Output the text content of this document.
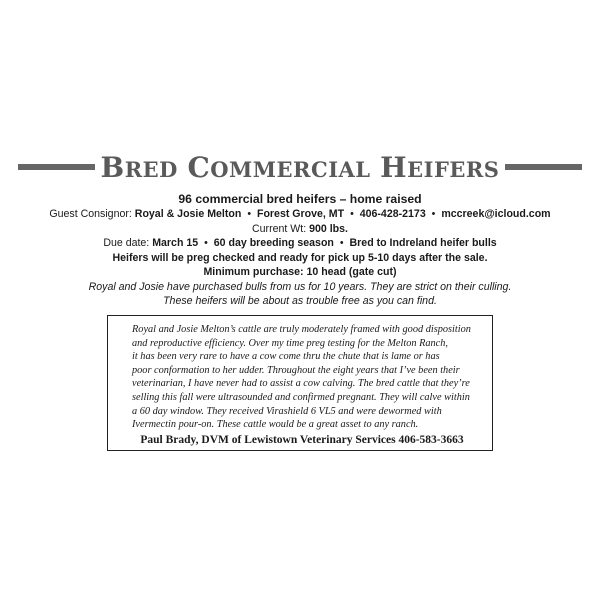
BRED COMMERCIAL HEIFERS
96 commercial bred heifers – home raised
Guest Consignor: Royal & Josie Melton • Forest Grove, MT • 406-428-2173 • mccreek@icloud.com
Current Wt: 900 lbs.
Due date: March 15 • 60 day breeding season • Bred to Indreland heifer bulls
Heifers will be preg checked and ready for pick up 5-10 days after the sale.
Minimum purchase: 10 head (gate cut)
Royal and Josie have purchased bulls from us for 10 years. They are strict on their culling.
These heifers will be about as trouble free as you can find.
Royal and Josie Melton’s cattle are truly moderately framed with good disposition
and reproductive efficiency. Over my time preg testing for the Melton Ranch,
it has been very rare to have a cow come thru the chute that is lame or has
poor conformation to her udder. Throughout the eight years that I’ve been their
veterinarian, I have never had to assist a cow calving. The bred cattle that they’re
selling this fall were ultrasounded and confirmed pregnant. They will calve within
a 60 day window. They received Virashield 6 VL5 and were dewormed with
Ivermectin pour-on. These cattle would be a great asset to any ranch.
Paul Brady, DVM of Lewistown Veterinary Services 406-583-3663
